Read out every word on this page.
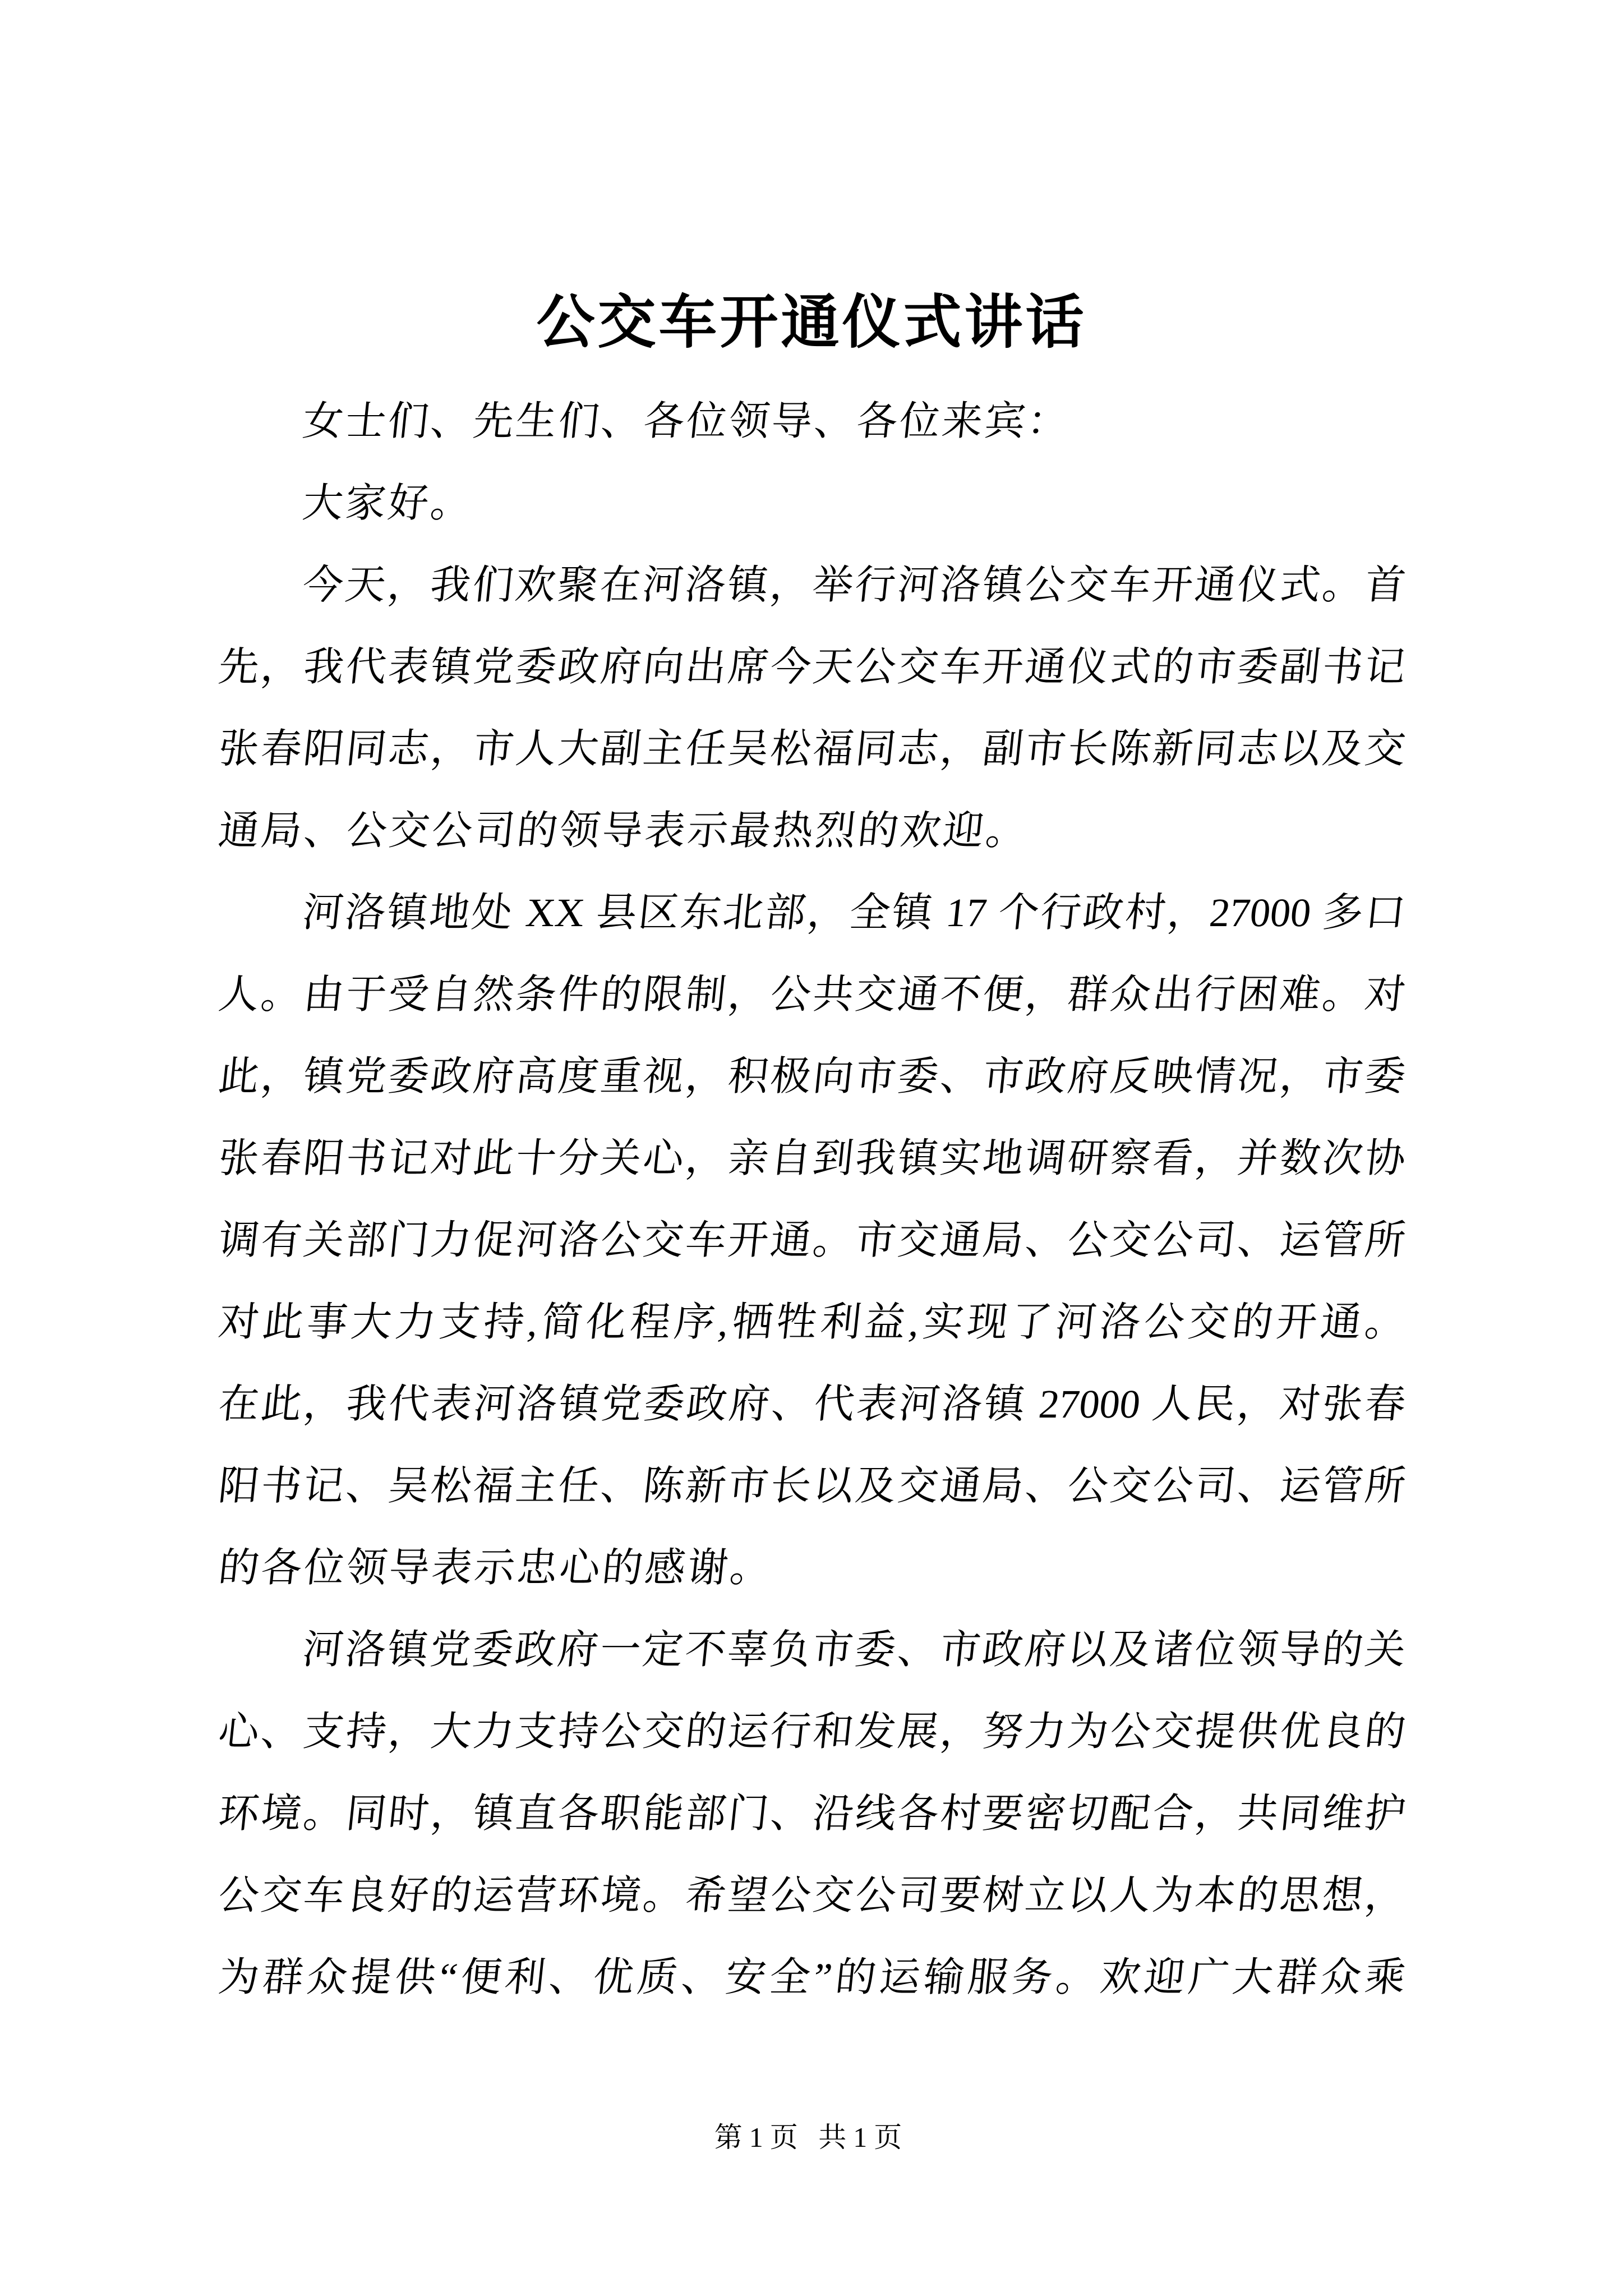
公交车开通仪式讲话
女士们、先生们、各位领导、各位来宾：
大家好。
今天，我们欢聚在河洛镇，举行河洛镇公交车开通仪式。首
先，我代表镇党委政府向出席今天公交车开通仪式的市委副书记
张春阳同志，市人大副主任吴松福同志，副市长陈新同志以及交
通局、公交公司的领导表示最热烈的欢迎。
河洛镇地处 XX 县区东北部，全镇 17 个行政村，27000 多口
人。由于受自然条件的限制，公共交通不便，群众出行困难。对
此，镇党委政府高度重视，积极向市委、市政府反映情况，市委
张春阳书记对此十分关心，亲自到我镇实地调研察看，并数次协
调有关部门力促河洛公交车开通。市交通局、公交公司、运管所
对此事大力支持,简化程序,牺牲利益,实现了河洛公交的开通。
在此，我代表河洛镇党委政府、代表河洛镇 27000 人民，对张春
阳书记、吴松福主任、陈新市长以及交通局、公交公司、运管所
的各位领导表示忠心的感谢。
河洛镇党委政府一定不辜负市委、市政府以及诸位领导的关
心、支持，大力支持公交的运行和发展，努力为公交提供优良的
环境。同时，镇直各职能部门、沿线各村要密切配合，共同维护
公交车良好的运营环境。希望公交公司要树立以人为本的思想，
为群众提供“便利、优质、安全”的运输服务。欢迎广大群众乘
第1页 共1页
